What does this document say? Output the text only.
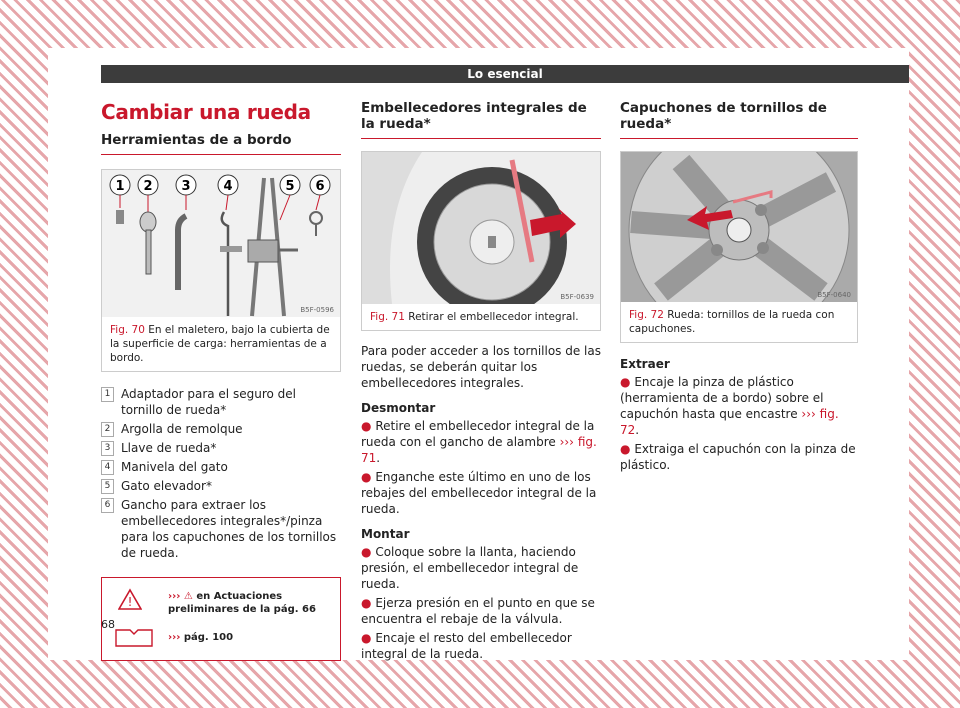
Lo esencial
Cambiar una rueda
Herramientas de a bordo
1 2 3	4	5 6
B5F-0596
Fig. 70 En el maletero, bajo la cubierta de la superficie de carga: herramientas de a bordo.
1 Adaptador para el seguro del tornillo de rueda*
2 Argolla de remolque
3 Llave de rueda*
4 Manivela del gato
5 Gato elevador*
6 Gancho para extraer los embellecedores integrales*/pinza para los capuchones de los tornillos de rueda.
!	››› ⚠ en Actuaciones preliminares de la pág. 66
››› pág. 100
Embellecedores integrales de la rueda*
B5F-0639
Fig. 71 Retirar el embellecedor integral.

Para poder acceder a los tornillos de las ruedas, se deberán quitar los embellecedores integrales.

Desmontar
● Retire el embellecedor integral de la rueda con el gancho de alambre ››› fig. 71.
● Enganche este último en uno de los rebajes del embellecedor integral de la rueda.
Montar
● Coloque sobre la llanta, haciendo presión, el embellecedor integral de rueda.
● Ejerza presión en el punto en que se encuentra el rebaje de la válvula.
● Encaje el resto del embellecedor integral de la rueda.
Capuchones de tornillos de rueda*
B5F-0640
Fig. 72 Rueda: tornillos de la rueda con capuchones.
Extraer
● Encaje la pinza de plástico (herramienta de a bordo) sobre el capuchón hasta que encastre ››› fig. 72.
● Extraiga el capuchón con la pinza de plástico.
68
